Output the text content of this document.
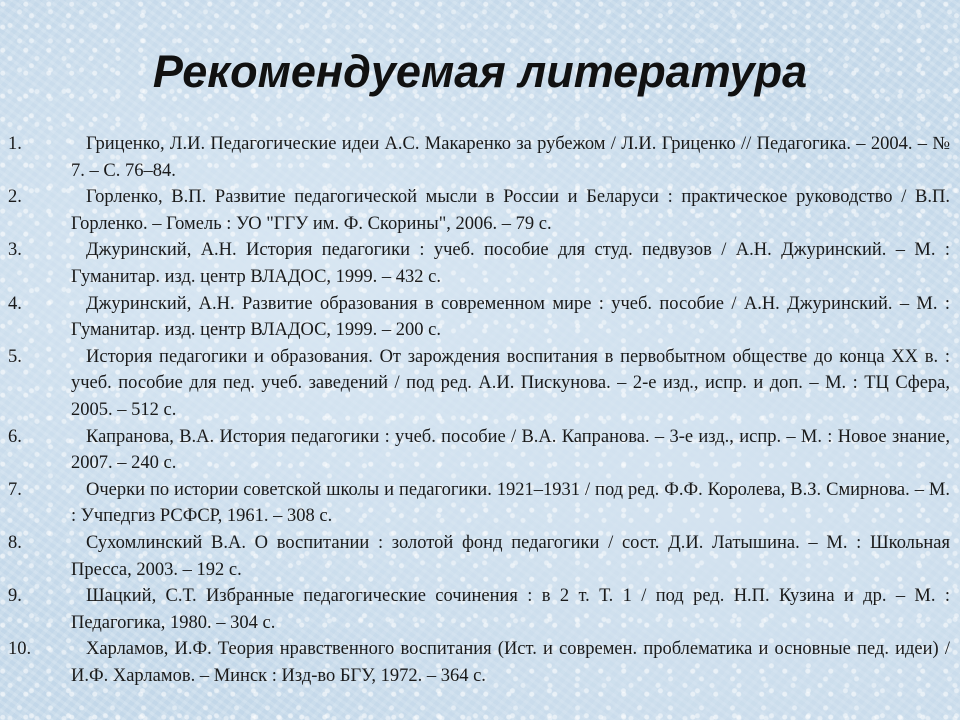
Рекомендуемая литература
1.	Гриценко, Л.И. Педагогические идеи А.С. Макаренко за рубежом / Л.И. Гриценко // Педагогика. – 2004. – № 7. – С. 76–84.
2.	Горленко, В.П. Развитие педагогической мысли в России и Беларуси : практическое руководство / В.П. Горленко. – Гомель : УО "ГГУ им. Ф. Скорины", 2006. – 79 с.
3.	Джуринский, А.Н. История педагогики : учеб. пособие для студ. педвузов / А.Н. Джуринский. – М. : Гуманитар. изд. центр ВЛАДОС, 1999. – 432 с.
4.	Джуринский, А.Н. Развитие образования в современном мире : учеб. пособие / А.Н. Джуринский. – М. : Гуманитар. изд. центр ВЛАДОС, 1999. – 200 с.
5.	История педагогики и образования. От зарождения воспитания в первобытном обществе до конца XX в. : учеб. пособие для пед. учеб. заведений / под ред. А.И. Пискунова. – 2-е изд., испр. и доп. – М. : ТЦ Сфера, 2005. – 512 с.
6.	Капранова, В.А. История педагогики : учеб. пособие / В.А. Капранова. – 3-е изд., испр. – М. : Новое знание, 2007. – 240 с.
7.	Очерки по истории советской школы и педагогики. 1921–1931 / под ред. Ф.Ф. Королева, В.З. Смирнова. – М. : Учпедгиз РСФСР, 1961. – 308 с.
8.	Сухомлинский В.А. О воспитании : золотой фонд педагогики / сост. Д.И. Латышина. – М. : Школьная Пресса, 2003. – 192 с.
9.	Шацкий, С.Т. Избранные педагогические сочинения : в 2 т. Т. 1 / под ред. Н.П. Кузина и др. – М. : Педагогика, 1980. – 304 с.
10.	Харламов, И.Ф. Теория нравственного воспитания (Ист. и современ. проблематика и основные пед. идеи) / И.Ф. Харламов. – Минск : Изд-во БГУ, 1972. – 364 с.
